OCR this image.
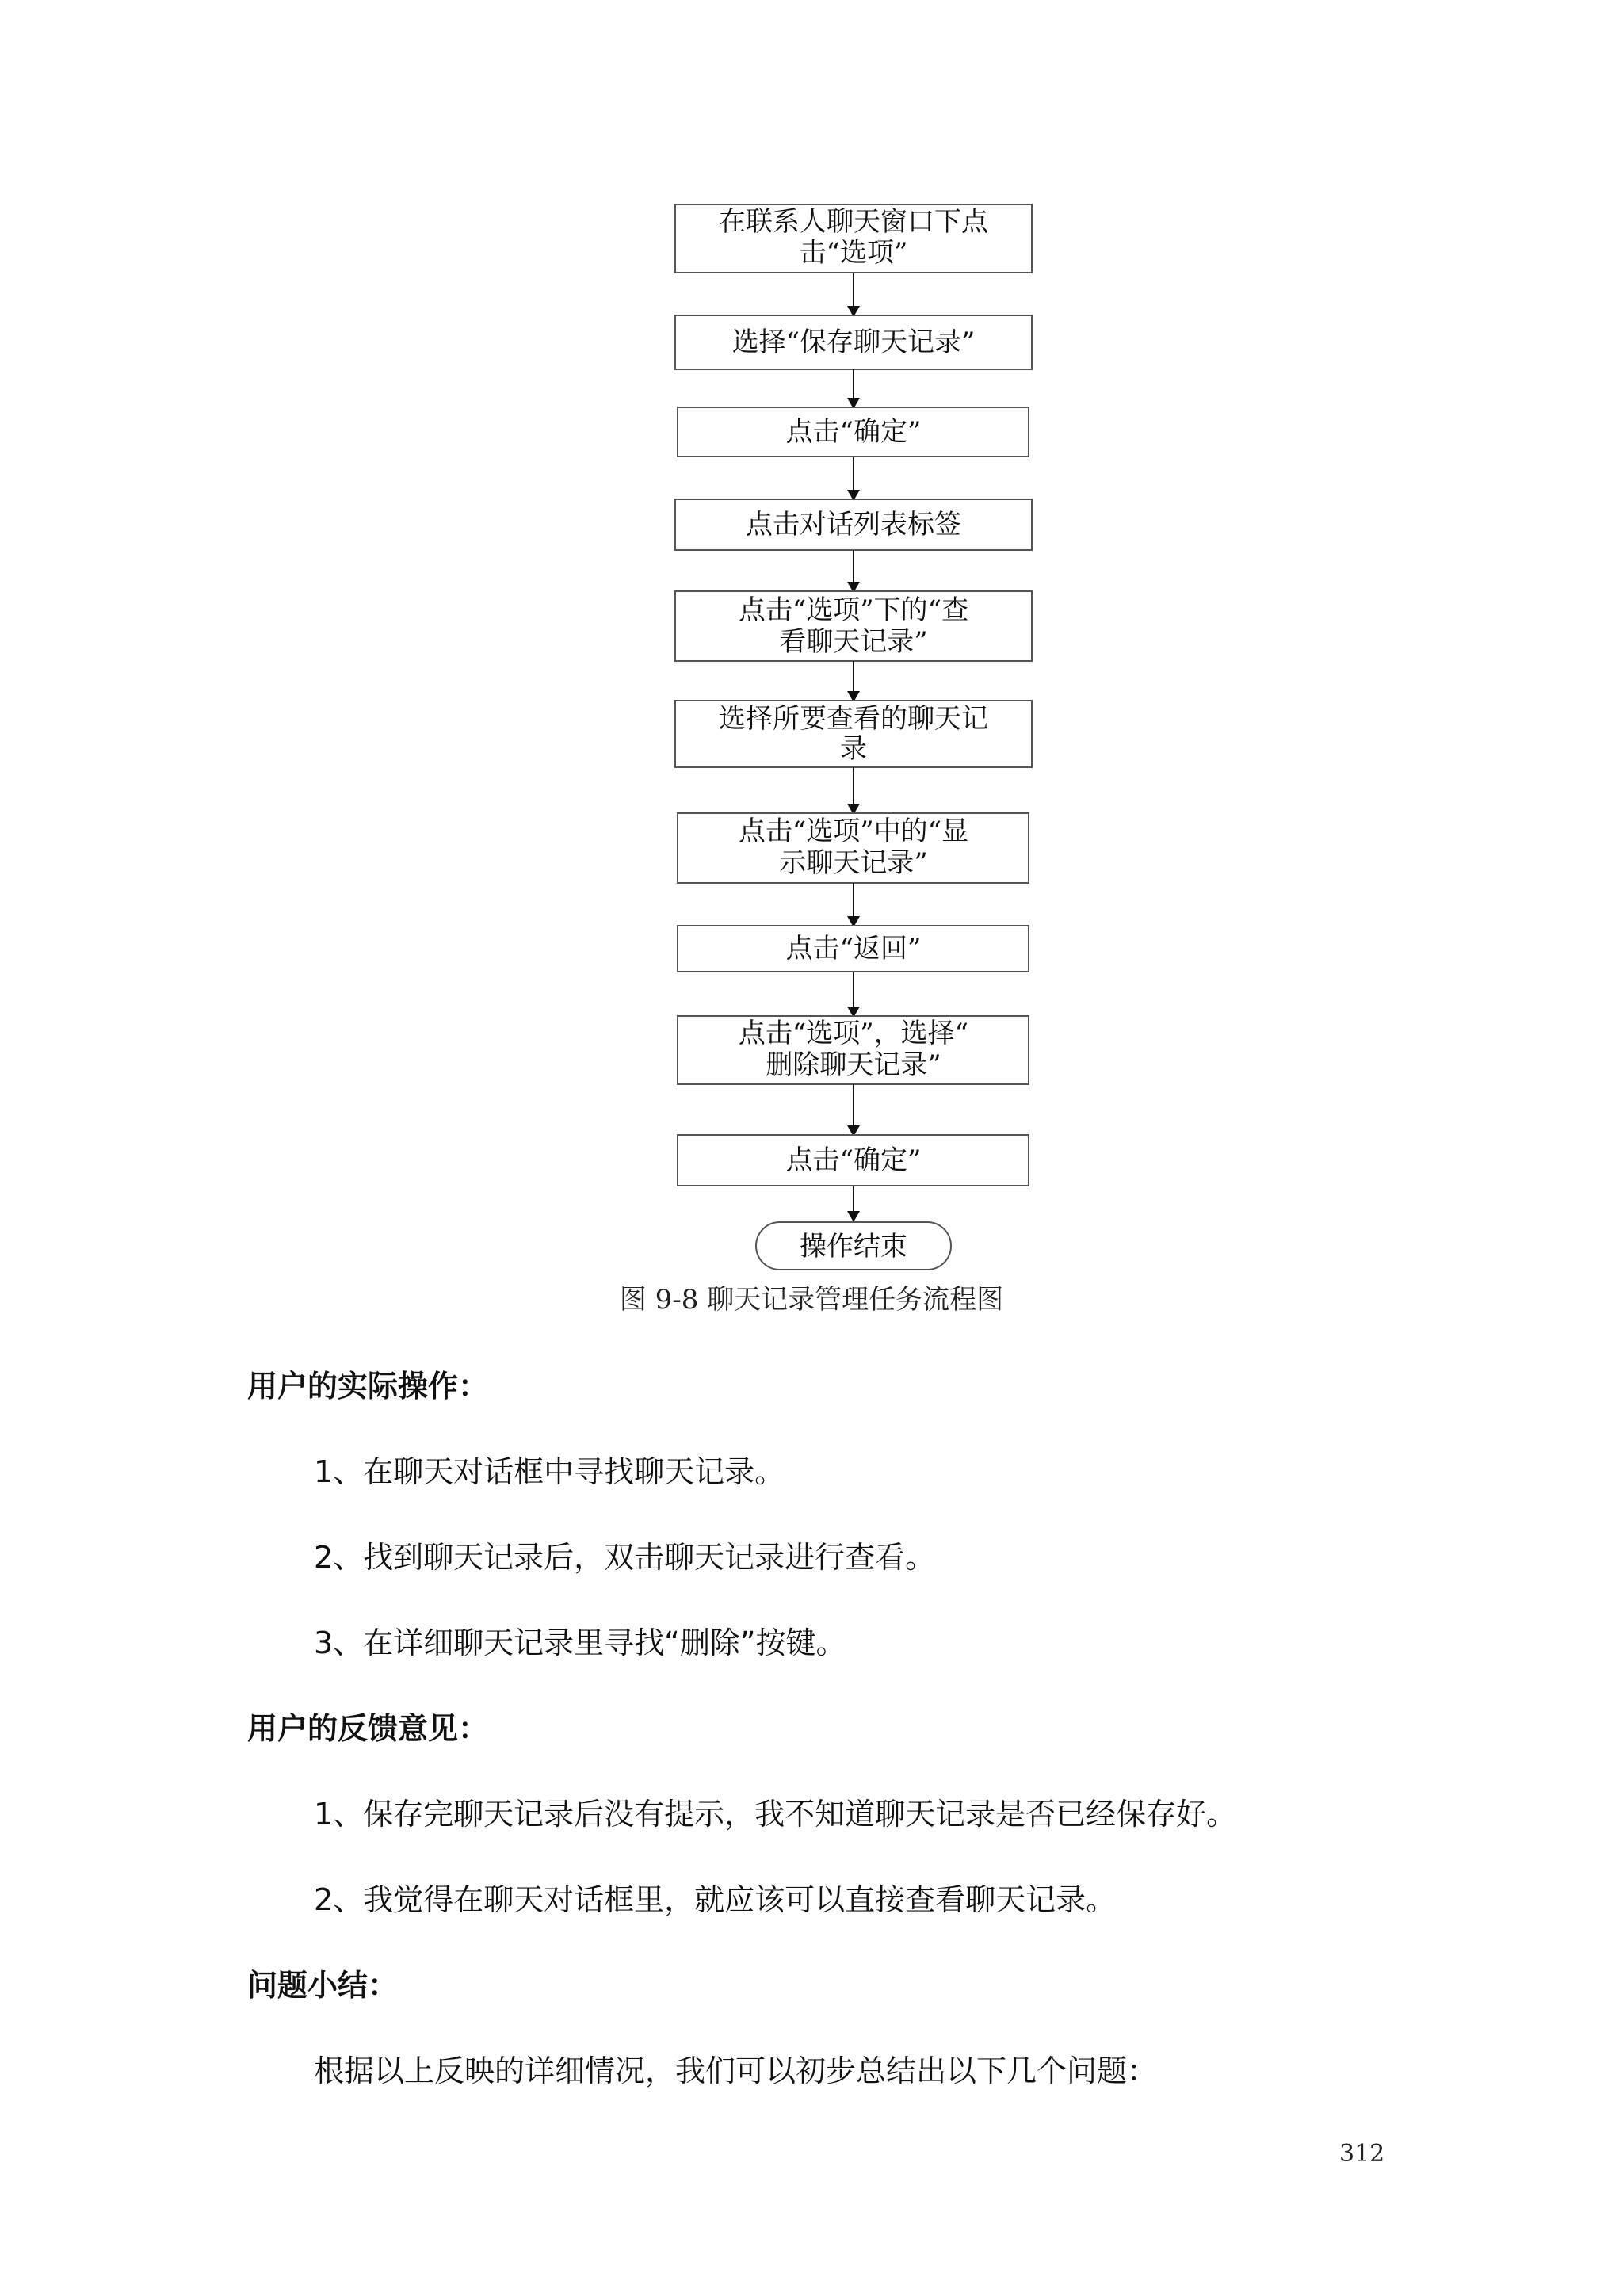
在联系人聊天窗口下点
击“选项”
选择“保存聊天记录”
点击“确定”
点击对话列表标签
点击“选项”下的“查
看聊天记录”
选择所要查看的聊天记
录
点击“选项”中的“显
示聊天记录”
点击“返回”
点击“选项”，选择“
删除聊天记录”
点击“确定”
操作结束
图 9-8 聊天记录管理任务流程图
用户的实际操作：
1、在聊天对话框中寻找聊天记录。
2、找到聊天记录后，双击聊天记录进行查看。
3、在详细聊天记录里寻找“删除”按键。
用户的反馈意见：
1、保存完聊天记录后没有提示，我不知道聊天记录是否已经保存好。
2、我觉得在聊天对话框里，就应该可以直接查看聊天记录。
问题小结：
根据以上反映的详细情况，我们可以初步总结出以下几个问题：
312
